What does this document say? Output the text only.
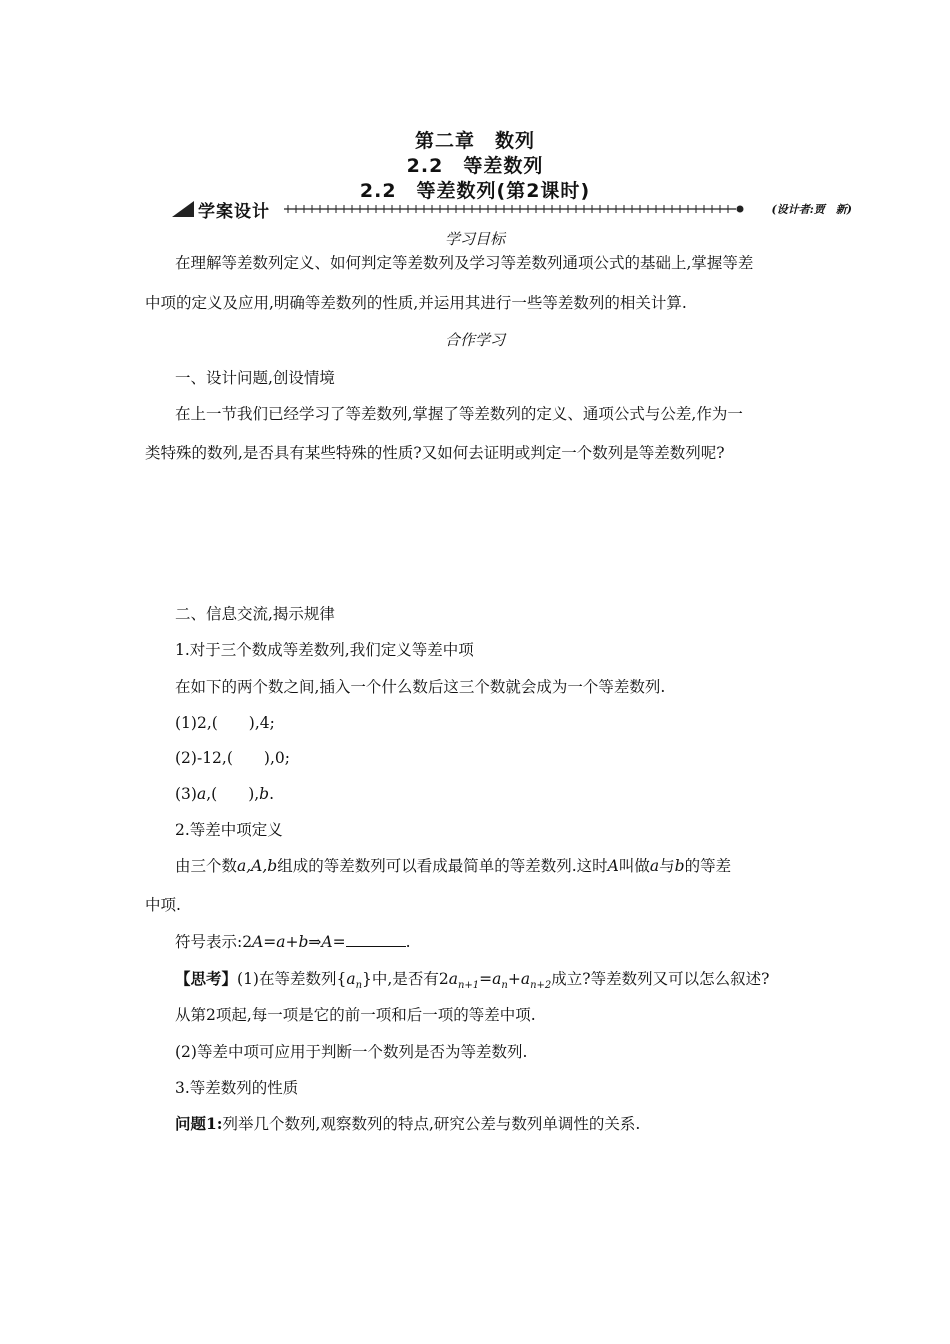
第二章　数列
2.2　等差数列
2.2　等差数列(第2课时)
学案设计	(设计者:贾　新)
学习目标
在理解等差数列定义、如何判定等差数列及学习等差数列通项公式的基础上,掌握等差
中项的定义及应用,明确等差数列的性质,并运用其进行一些等差数列的相关计算.
合作学习
一、设计问题,创设情境
在上一节我们已经学习了等差数列,掌握了等差数列的定义、通项公式与公差,作为一
类特殊的数列,是否具有某些特殊的性质?又如何去证明或判定一个数列是等差数列呢?
二、信息交流,揭示规律
1.对于三个数成等差数列,我们定义等差中项
在如下的两个数之间,插入一个什么数后这三个数就会成为一个等差数列.
(1)2,(　　),4;
(2)-12,(　　),0;
(3)a,(　　),b.
2.等差中项定义
由三个数a,A,b组成的等差数列可以看成最简单的等差数列.这时A叫做a与b的等差
中项.
符号表示:2A=a+b⇒A=	.
【思考】(1)在等差数列$\{a_n\}$中,是否有$2a_{n+1}=a_n+a_{n+2}$成立?等差数列又可以怎么叙述?
从第2项起,每一项是它的前一项和后一项的等差中项.
(2)等差中项可应用于判断一个数列是否为等差数列.
3.等差数列的性质
问题1:列举几个数列,观察数列的特点,研究公差与数列单调性的关系.
